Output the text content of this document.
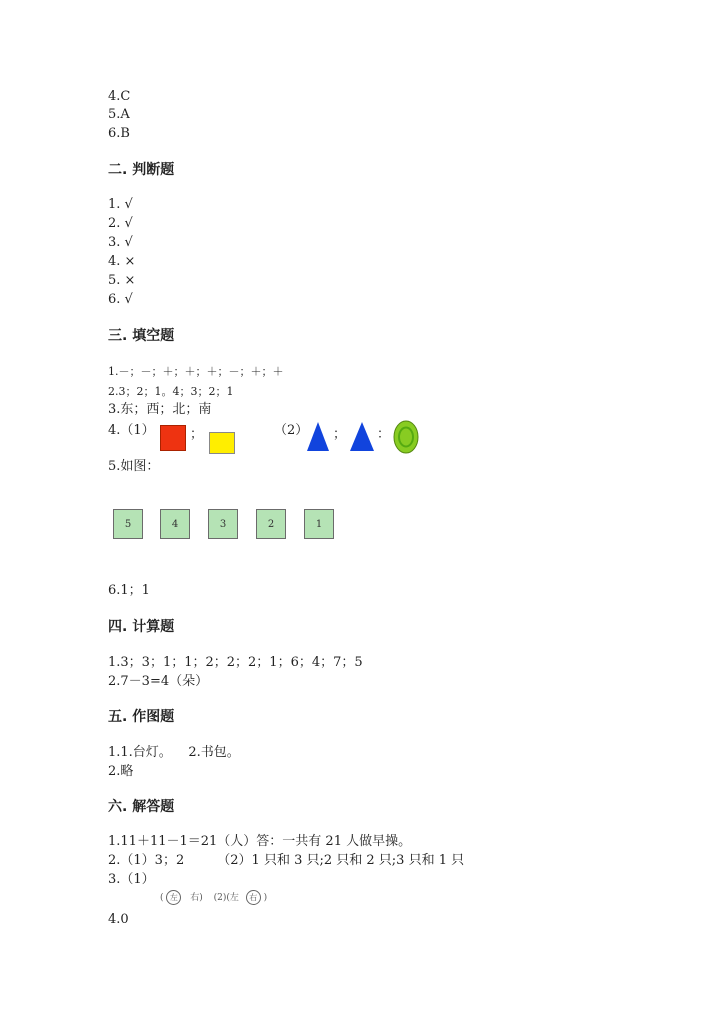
4.C
5.A
6.B
二. 判断题
1. √
2. √
3. √
4. ×
5. ×
6. √
三. 填空题
1.－；－；＋；＋；＋；－；＋；＋
2.3；2；1。4；3；2；1
3.东；西；北；南
4.（1）	；	（2） ； ：
5.如图：
5	4	3	2	1
6.1；1
四. 计算题
1.3；3；1；1；2；2；2；1；6；4；7；5
2.7－3=4（朵）
五. 作图题
1.1.台灯。    2.书包。
2.略
六. 解答题
1.11＋11－1＝21（人）答：一共有 21 人做早操。
2.（1）3；2        （2）1 只和 3 只;2 只和 2 只;3 只和 1 只
3.（1）
( 左 右) (2)(左 右 )
4.0
